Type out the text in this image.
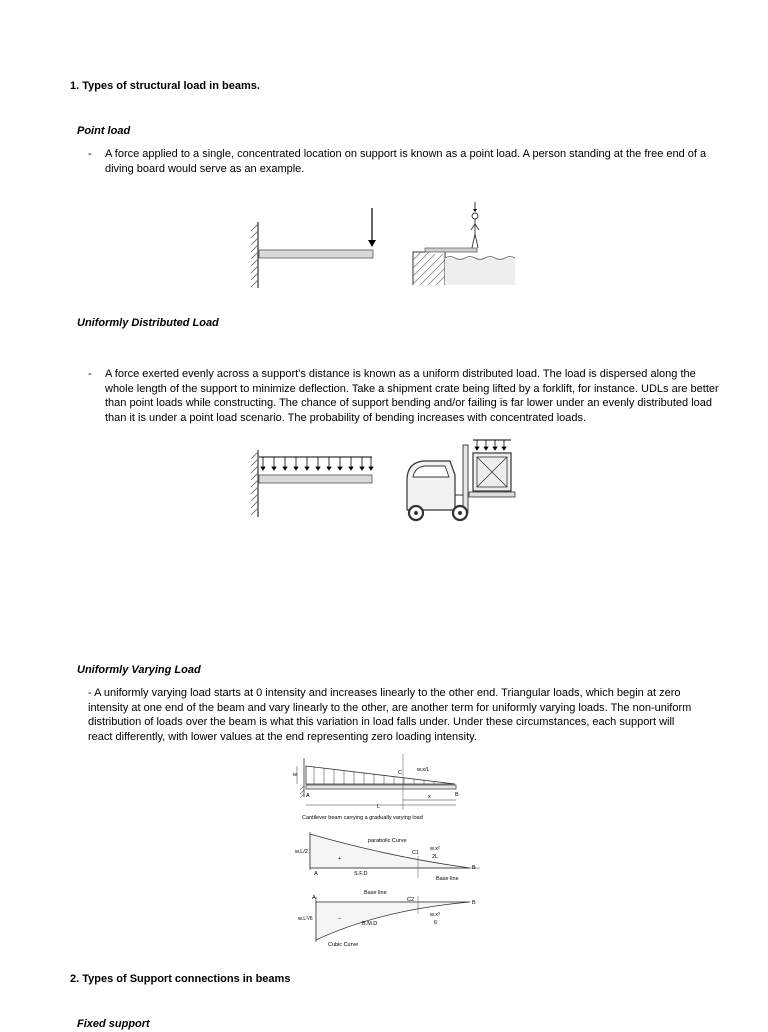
1. Types of structural load in beams.
Point load
- A force applied to a single, concentrated location on support is known as a point load. A person standing at the free end of a diving board would serve as an example.
Uniformly Distributed Load
- A force exerted evenly across a support's distance is known as a uniform distributed load. The load is dispersed along the whole length of the support to minimize deflection. Take a shipment crate being lifted by a forklift, for instance. UDLs are better than point loads while constructing. The chance of support bending and/or failing is far lower under an evenly distributed load than it is under a point load scenario. The probability of bending increases with concentrated loads.
Uniformly Varying Load
- A uniformly varying load starts at 0 intensity and increases linearly to the other end. Triangular loads, which begin at zero intensity at one end of the beam and vary linearly to the other, are another term for uniformly varying loads. The non-uniform distribution of loads over the beam is what this variation in load falls under. Under these circumstances, each support will react differently, with lower values at the end representing zero loading intensity.
w
A	B
C	w.x/L
x
L
Cantilever beam carrying a gradually varying load
w.L/2
parabolic Curve
C1
w.x²
2L
+
S.F.D
A
B
Base line
Base line
C2
w.x³
6
w.L²/6	–
B.M.D
A
B
Cubic Curve
2. Types of Support connections in beams
Fixed support
